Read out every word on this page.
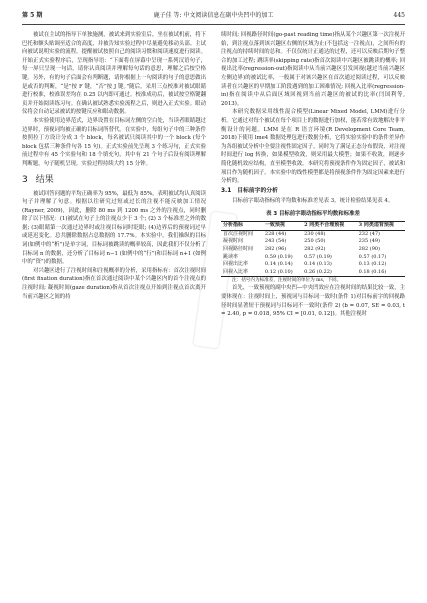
第 5 期	鹿子佳 等: 中文阅读信息在副中央凹中的加工	445

被试在主试的指导下单独施测，被试来到实验室后，坐在被试机前，将下巴托和额头贴调至适合的高度，并被告知实验过程中尽量避免移动头部。主试向被试说明实验的流程，提醒被试按照自己的阅读习惯和阅读速度进行阅读。开始正式实验程序后，呈现指导语：“下面将在屏幕中呈现一系列汉语句子，每一屏只呈现一句话，请你认真阅读并理解每句话的意思，理解之后按空格键。另外，有的句子后面会有判断题，请你根据上一句阅读的句子的意思做出是或否的判断，“是”按 F 键，“否”按 J 键。”随后，采用三点校准对被试眼睛进行校准，校准误差均在 0.25 以内即可通过。校准成功后，被试按空格键翻页并开始阅读练习句。在确认被试熟悉实验流程之后，则进入正式实验。眼动仪将会自动记录被试的按键反应和眼动数据。

本实验使用边界范式，边界设置在目标词左侧的空白处，当读者眼睛越过边界时，预视词均被正确的目标词所替代。在实验中，每组句子中的三种条件按照拉丁方设计分成 3 个 block，每名被试只阅读其中的一个 block (每个 block 包括三种条件句各 15 句)。正式实验前先呈现 3 个练习句，正式实验前过程中有 45 个实验句和 18 个填充句，其中有 21 个句子后设有阅读理解判断题，句子随机呈现。实验过程持续大约 15 分钟。

3 结果

被试回答问题的平均正确率为 95%，最低为 85%，表明被试均认真阅读句子并理解了句意。根据以往研究过短或过长的注视不能反映加工情况 (Rayner, 2009)，因此，删除 80 ms 到 1200 ms 之外的注视点，同时删除了以下情况：(1)被试在句子上的注视点少于 3 个; (2) 3 个标准差之外的数据; (3)眼睛第一次通过边界时或注视目标词时眨眼; (4)边界后的预视词过早或延迟变化。总共删除数据占总数据的 17.7%。本实验中，我们操纵的目标词(如例中的“析”)是单字词，目标词被跳读的概率较高，因此我们不仅分析了目标词 n 的数据，还分析了目标词 n−1 (如例中的“行”)和目标词 n+1 (如例中的“资”)的数据。

对兴趣区进行了注视时间和注视概率的分析，采用指标有：首次注视时间(first fixation duration)指在首次通过阅读中某个兴趣区内的首个注视点的注视时间; 凝视时间(gaze duration)指从首次注视点开始到注视点首次离开当前兴趣区之间的持

续时间; 回视路径时间(go-past reading time)指从某个兴趣区第一次注视开始，到注视点落到该兴趣区右侧的区域为止(不包括这一注视点)，之间所有的注视点的持续时间的总和。不仅仅统计正通达的过程，还可以反映后期句子整合的加工过程; 跳读率(skipping rate)指首次阅读中兴趣区被跳读的概率; 回视出比率(regression-out)指阅读中从当前兴趣区引发回视(越过当前兴趣区左侧边界)的被试比率，一般属于对该兴趣区在首次通过阅读过程，可以反映读者在兴趣区的早期加工阶段遇到的加工困难情况; 回视入比率(regression-in)指在阅读中从后面区域回视到当前兴趣区的被试的比率(闫国利等, 2013)。

本研究数据采用线性混合模型(Linear Mixed Model, LMM)进行分析。它通过对每个被试在每个项目上的数据进行加权，能若常有效地解决非平衡设计的问题。LMM 是在 R 语言环境(R Development Core Team, 2018)下使用 lme4 数据处理包进行数据分析，它将实验实验中的条件差异作为各组被试分析中全要注视性固定因子。同时为了满足正态分布假设，对注视时间进行 log 转换，如果模型收敛，则采用最大模型；如果不收敛，则逐步简化随机效应结构，直至模型收敛。本研究将预视条件作为固定因子，被试和项目作为随机因子。本实验中的线性模型都是将预视条件作为固定因素来进行分析的。

3.1 目标前字的分析

目标前字眼动指标的平均数和标准差见表 3，统计检验结果见表 4。

表 3 目标前字眼动指标平均数和标准差
分析指标	一致预视	2 同类不合理预视	3 同类违背预视
首次注视时间	228 (44)	230 (48)	232 (47)
凝视时间	243 (54)	250 (50)	235 (49)
回视路径时间	282 (96)	282 (92)	282 (90)
跳读率	0.59 (0.19)	0.57 (0.19)	0.57 (0.17)
回视出比率	0.14 (0.14)	0.14 (0.13)	0.13 (0.12)
回视入比率	0.12 (0.10)	0.26 (0.22)	0.18 (0.16)

注：括号内为标准差，注视时间的单位为 ms，下同。

首先，一致预视的副中央凹—中央凹效应在注视时间的结果比较一致，主要体现在：注视时间上，预视词与目标词一致时(条件 1)对目标前字的回视路径时间显著短于预视词与目标词不一致时(条件 2) (b = 0.07, SE = 0.03, t = 2.40, p = 0.018, 95% CI = [0.01, 0.12])。其他注视时
